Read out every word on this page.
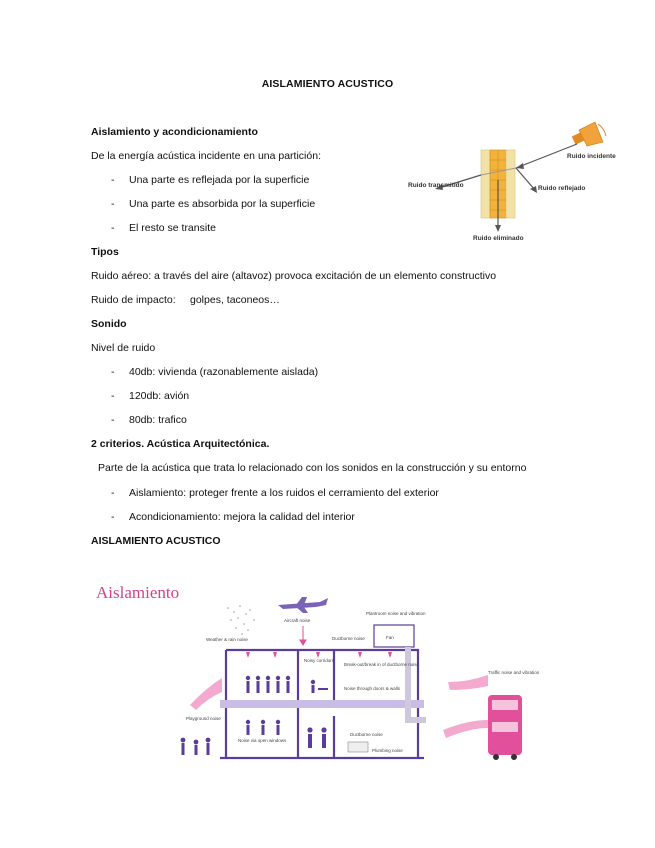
AISLAMIENTO ACUSTICO
Aislamiento y acondicionamiento
De la energía acústica incidente en una partición:
- Una parte es reflejada por la superficie
- Una parte es absorbida por la superficie
- El resto se transite
Tipos
Ruido aéreo: a través del aire (altavoz) provoca excitación de un elemento constructivo
Ruido de impacto: golpes, taconeos…
Sonido
Nivel de ruido
- 40db: vivienda (razonablemente aislada)
- 120db: avión
- 80db: trafico
2 criterios. Acústica Arquitectónica.
Parte de la acústica que trata lo relacionado con los sonidos en la construcción y su entorno
- Aislamiento: proteger frente a los ruidos el cerramiento del exterior
- Acondicionamiento: mejora la calidad del interior
AISLAMIENTO ACUSTICO
Ruido incidente
Ruido transmitido	Ruido reflejado
Ruido eliminado
Aislamiento
Aircraft noise
Weather & rain noise
Plantroom noise and vibration
Fan
Ductborne noise
Noisy corridors
Break-out/break in of ductborne noise
Noise through doors & walls
Noise via open windows
Ductborne noise
Plumbing noise
Playground noise
Traffic noise and vibration
